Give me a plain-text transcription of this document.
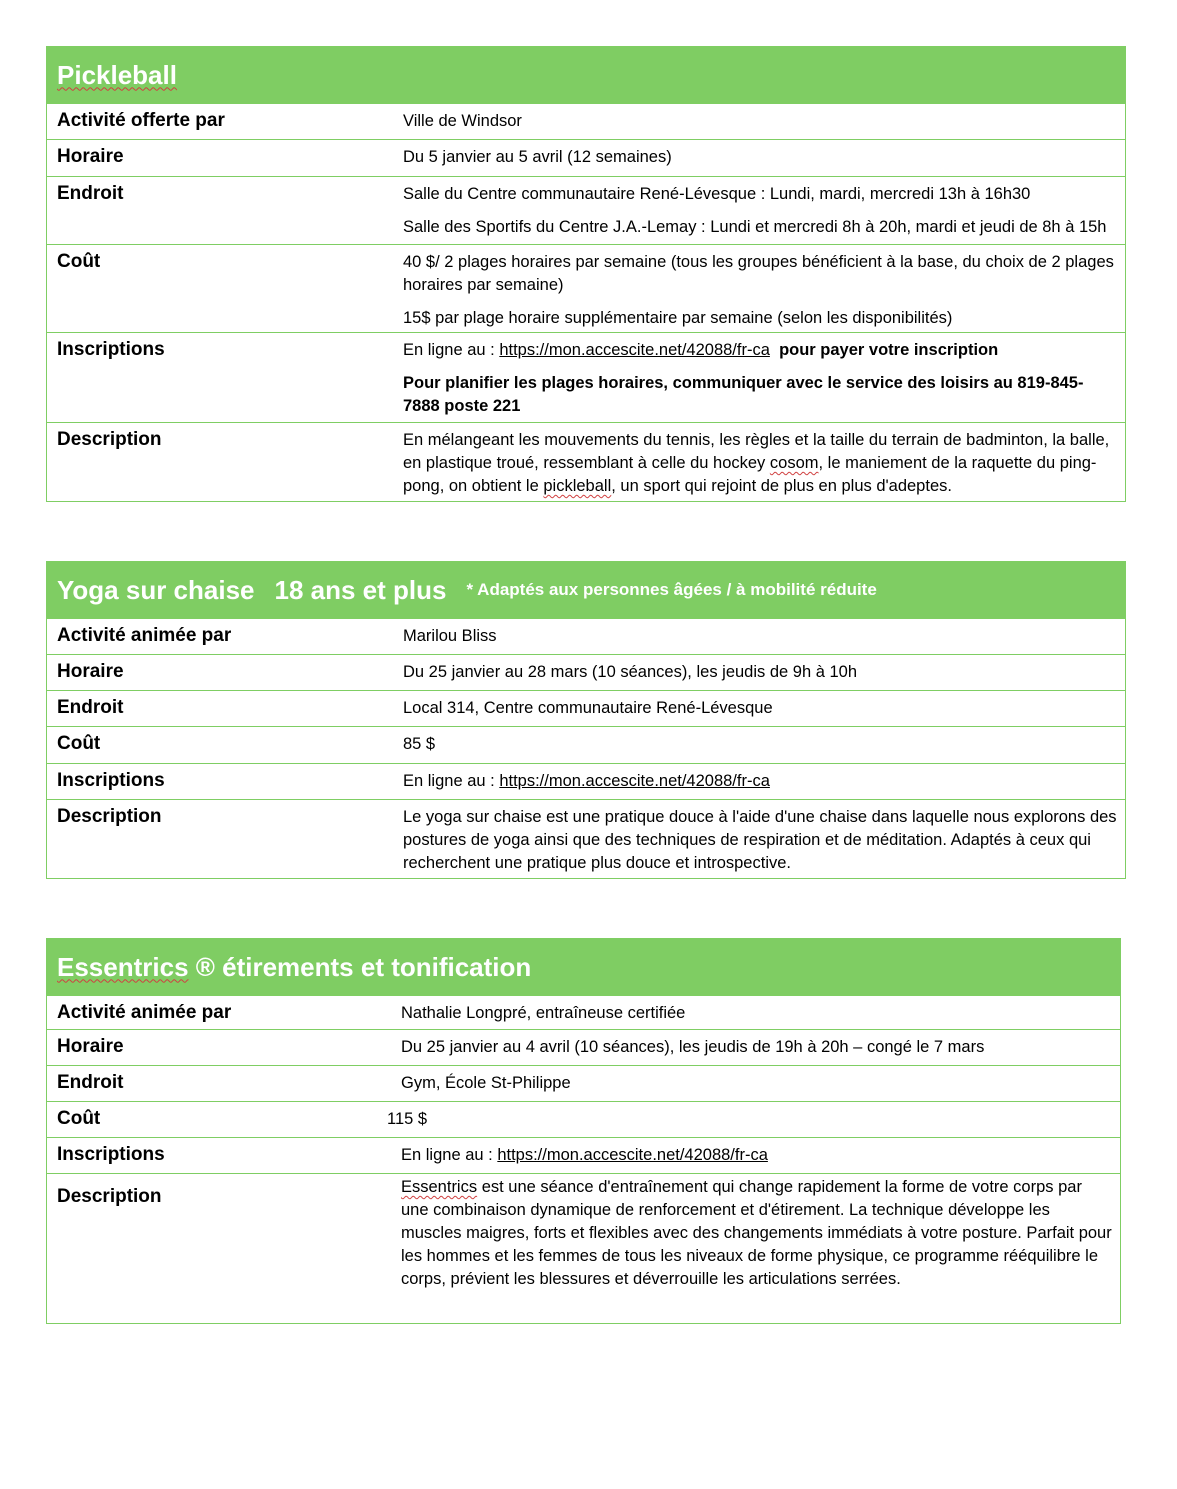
Pickleball
Activité offerte par	Ville de Windsor
Horaire	Du 5 janvier au 5 avril (12 semaines)
Endroit	Salle du Centre communautaire René-Lévesque : Lundi, mardi, mercredi 13h à 16h30

Salle des Sportifs du Centre J.A.-Lemay : Lundi et mercredi 8h à 20h, mardi et jeudi de 8h à 15h

Coût	40 $/ 2 plages horaires par semaine (tous les groupes bénéficient à la base, du choix de 2 plages horaires par semaine)

15$ par plage horaire supplémentaire par semaine (selon les disponibilités)

Inscriptions	En ligne au : https://mon.accescite.net/42088/fr-ca pour payer votre inscription

Pour planifier les plages horaires, communiquer avec le service des loisirs au 819-845-7888 poste 221

Description	En mélangeant les mouvements du tennis, les règles et la taille du terrain de badminton, la balle, en plastique troué, ressemblant à celle du hockey cosom, le maniement de la raquette du ping-pong, on obtient le pickleball, un sport qui rejoint de plus en plus d'adeptes.
Yoga sur chaise 18 ans et plus * Adaptés aux personnes âgées / à mobilité réduite
Activité animée par	Marilou Bliss
Horaire	Du 25 janvier au 28 mars (10 séances), les jeudis de 9h à 10h
Endroit	Local 314, Centre communautaire René-Lévesque
Coût	85 $
Inscriptions	En ligne au : https://mon.accescite.net/42088/fr-ca
Description	Le yoga sur chaise est une pratique douce à l'aide d'une chaise dans laquelle nous explorons des postures de yoga ainsi que des techniques de respiration et de méditation. Adaptés à ceux qui recherchent une pratique plus douce et introspective.
Essentrics ® étirements et tonification
Activité animée par	Nathalie Longpré, entraîneuse certifiée
Horaire	Du 25 janvier au 4 avril (10 séances), les jeudis de 19h à 20h – congé le 7 mars
Endroit	Gym, École St-Philippe
Coût	115 $
Inscriptions	En ligne au : https://mon.accescite.net/42088/fr-ca
Description	Essentrics est une séance d'entraînement qui change rapidement la forme de votre corps par une combinaison dynamique de renforcement et d'étirement. La technique développe les muscles maigres, forts et flexibles avec des changements immédiats à votre posture. Parfait pour les hommes et les femmes de tous les niveaux de forme physique, ce programme rééquilibre le corps, prévient les blessures et déverrouille les articulations serrées.
